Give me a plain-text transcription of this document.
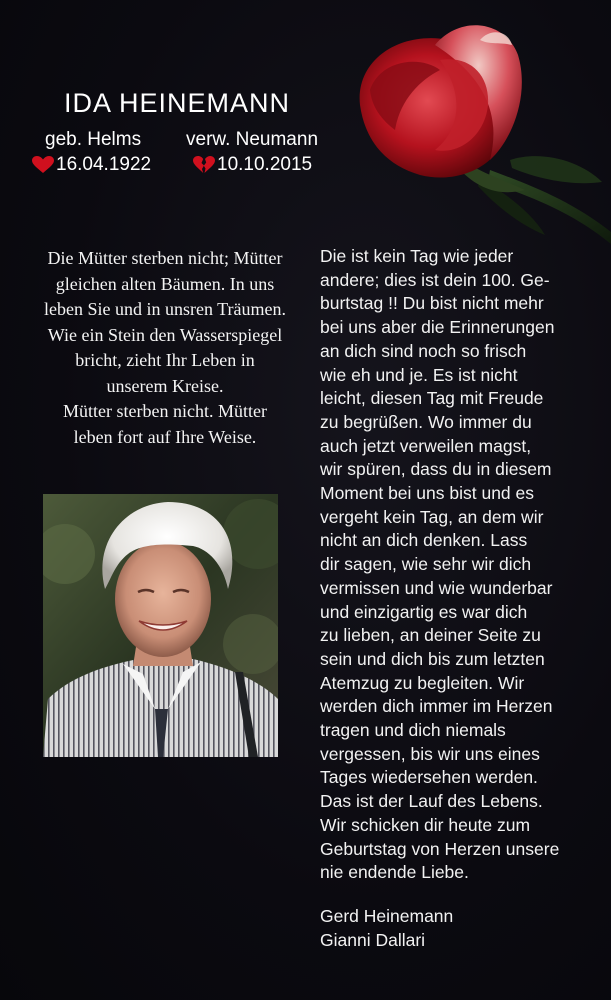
IDA HEINEMANN
geb. Helms verw. Neumann
16.04.1922	10.10.2015
Die Mütter sterben nicht; Mütter
gleichen alten Bäumen. In uns
leben Sie und in unsren Träumen.
Wie ein Stein den Wasserspiegel
bricht, zieht Ihr Leben in
unserem Kreise.
Mütter sterben nicht. Mütter
leben fort auf Ihre Weise.
Die ist kein Tag wie jeder
andere; dies ist dein 100. Ge-
burtstag !! Du bist nicht mehr
bei uns aber die Erinnerungen
an dich sind noch so frisch
wie eh und je. Es ist nicht
leicht, diesen Tag mit Freude
zu begrüßen. Wo immer du
auch jetzt verweilen magst,
wir spüren, dass du in diesem
Moment bei uns bist und es
vergeht kein Tag, an dem wir
nicht an dich denken. Lass
dir sagen, wie sehr wir dich
vermissen und wie wunderbar
und einzigartig es war dich
zu lieben, an deiner Seite zu
sein und dich bis zum letzten
Atemzug zu begleiten. Wir
werden dich immer im Herzen
tragen und dich niemals
vergessen, bis wir uns eines
Tages wiedersehen werden.
Das ist der Lauf des Lebens.
Wir schicken dir heute zum
Geburtstag von Herzen unsere
nie endende Liebe.
Gerd Heinemann
Gianni Dallari
